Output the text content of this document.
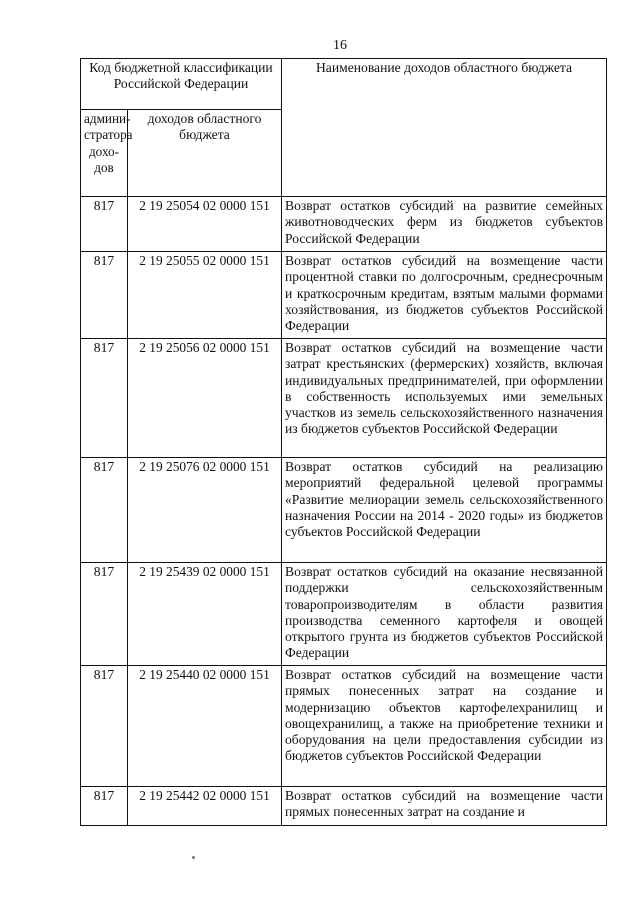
16
Код бюджетной классификации Российской Федерации		Наименование доходов областного бюджета
админи-стратора дохо-дов	доходов областного бюджета	
817	2 19 25054 02 0000 151	Возврат остатков субсидий на развитие семейных животноводческих ферм из бюджетов субъектов Российской Федерации
817	2 19 25055 02 0000 151	Возврат остатков субсидий на возмещение части процентной ставки по долгосрочным, среднесрочным и краткосрочным кредитам, взятым малыми формами хозяйствования, из бюджетов субъектов Российской Федерации
817	2 19 25056 02 0000 151	Возврат остатков субсидий на возмещение части затрат крестьянских (фермерских) хозяйств, включая индивидуальных предпринимателей, при оформлении в собственность используемых ими земельных участков из земель сельскохозяйственного назначения из бюджетов субъектов Российской Федерации
817	2 19 25076 02 0000 151	Возврат остатков субсидий на реализацию мероприятий федеральной целевой программы «Развитие мелиорации земель сельскохозяйственного назначения России на 2014 - 2020 годы» из бюджетов субъектов Российской Федерации
817	2 19 25439 02 0000 151	Возврат остатков субсидий на оказание несвязанной поддержки сельскохозяйственным товаропроизводителям в области развития производства семенного картофеля и овощей открытого грунта из бюджетов субъектов Российской Федерации
817	2 19 25440 02 0000 151	Возврат остатков субсидий на возмещение части прямых понесенных затрат на создание и модернизацию объектов картофелехранилищ и овощехранилищ, а также на приобретение техники и оборудования на цели предоставления субсидии из бюджетов субъектов Российской Федерации
817	2 19 25442 02 0000 151	Возврат остатков субсидий на возмещение части прямых понесенных затрат на создание и
